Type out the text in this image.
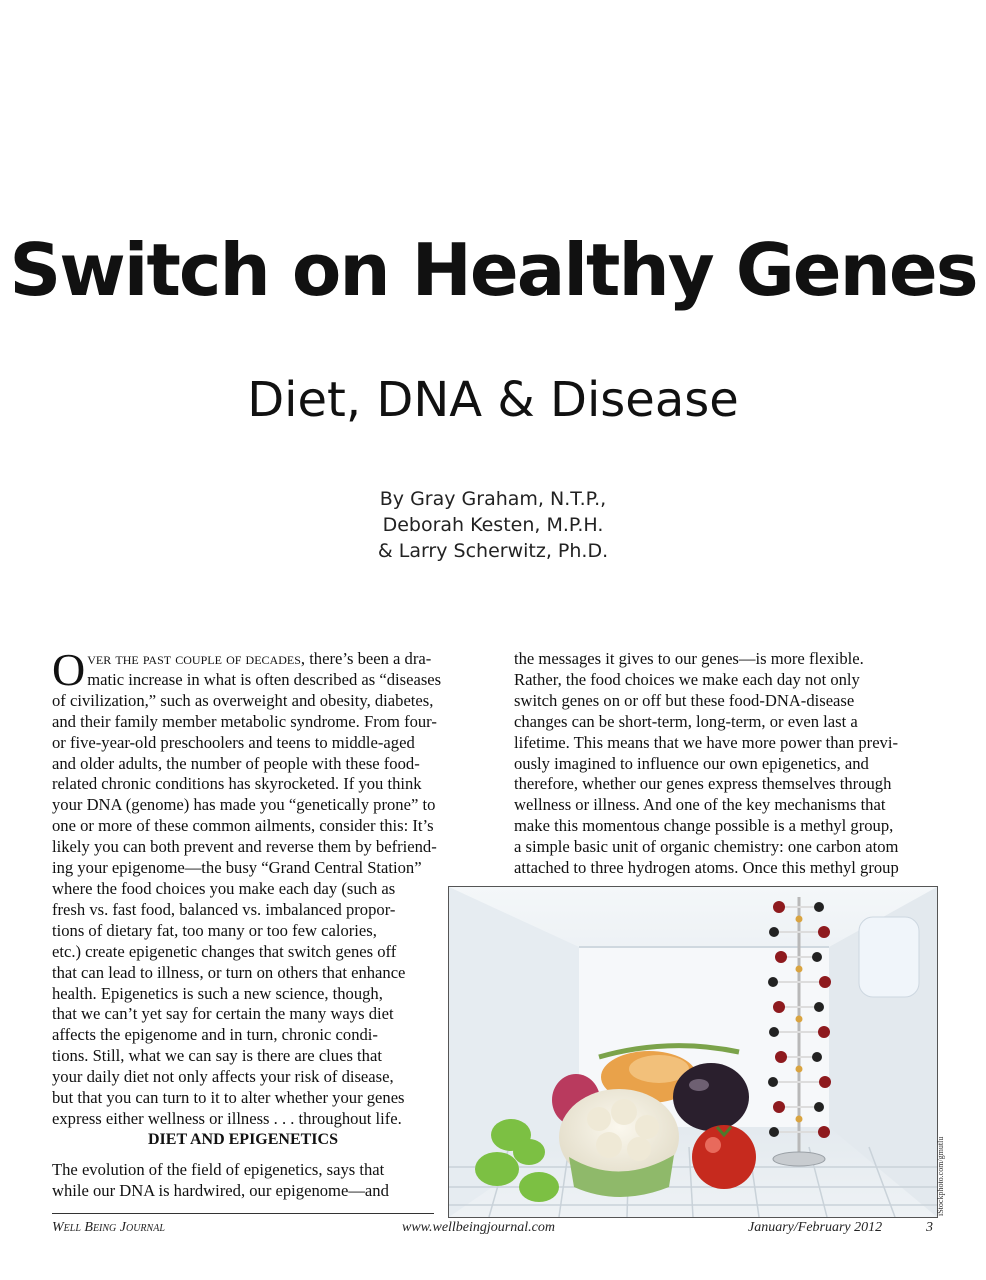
Switch on Healthy Genes
Diet, DNA & Disease
By Gray Graham, N.T.P.,
Deborah Kesten, M.P.H.
& Larry Scherwitz, Ph.D.
O ver the past couple of decades, there’s been a dra-
matic increase in what is often described as “diseases
of civilization,” such as overweight and obesity, diabetes,
and their family member metabolic syndrome. From four-
or five-year-old preschoolers and teens to middle-aged
and older adults, the number of people with these food-
related chronic conditions has skyrocketed. If you think
your DNA (genome) has made you “genetically prone” to
one or more of these common ailments, consider this: It’s
likely you can both prevent and reverse them by befriend-
ing your epigenome—the busy “Grand Central Station”
where the food choices you make each day (such as
fresh vs. fast food, balanced vs. imbalanced propor-
tions of dietary fat, too many or too few calories,
etc.) create epigenetic changes that switch genes off
that can lead to illness, or turn on others that enhance
health. Epigenetics is such a new science, though,
that we can’t yet say for certain the many ways diet
affects the epigenome and in turn, chronic condi-
tions. Still, what we can say is there are clues that
your daily diet not only affects your risk of disease,
but that you can turn to it to alter whether your genes
express either wellness or illness . . . throughout life.
DIET AND EPIGENETICS
The evolution of the field of epigenetics, says that
while our DNA is hardwired, our epigenome—and
the messages it gives to our genes—is more flexible.
Rather, the food choices we make each day not only
switch genes on or off but these food-DNA-disease
changes can be short-term, long-term, or even last a
lifetime. This means that we have more power than previ-
ously imagined to influence our own epigenetics, and
therefore, whether our genes express themselves through
wellness or illness. And one of the key mechanisms that
make this momentous change possible is a methyl group,
a simple basic unit of organic chemistry: one carbon atom
attached to three hydrogen atoms. Once this methyl group
iStockphoto.com/gmutlu
Well Being Journal	www.wellbeingjournal.com	January/February 2012	3
